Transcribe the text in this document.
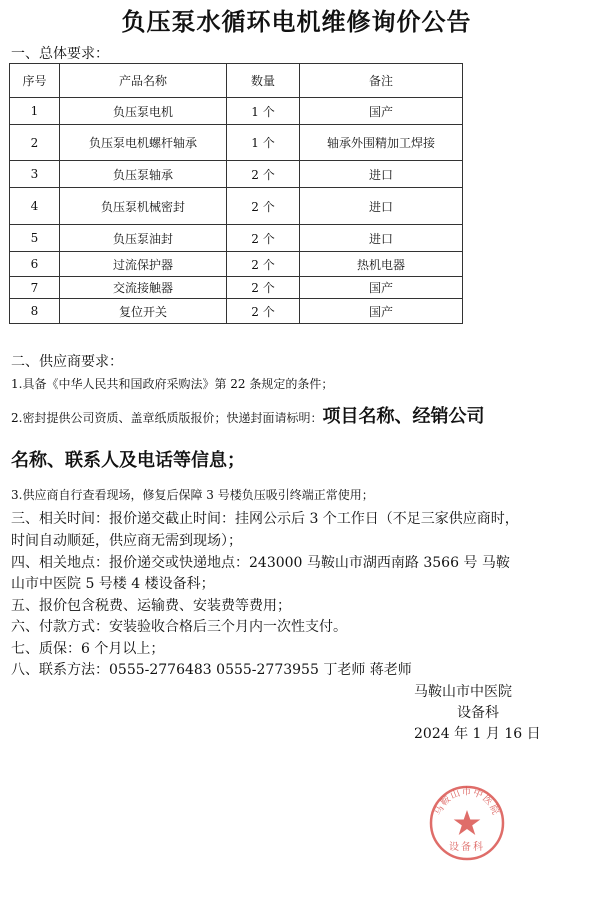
负压泵水循环电机维修询价公告
一、总体要求：
序号	产品名称	数量	备注
1	负压泵电机	1 个	国产
2	负压泵电机螺杆轴承	1 个	轴承外围精加工焊接
3	负压泵轴承	2 个	进口
4	负压泵机械密封	2 个	进口
5	负压泵油封	2 个	进口
6	过流保护器	2 个	热机电器
7	交流接触器	2 个	国产
8	复位开关	2 个	国产
二、供应商要求：
1.具备《中华人民共和国政府采购法》第 22 条规定的条件；
2.密封提供公司资质、盖章纸质版报价；快递封面请标明：项目名称、经销公司
名称、联系人及电话等信息；
3.供应商自行查看现场，修复后保障 3 号楼负压吸引终端正常使用；
三、相关时间：报价递交截止时间：挂网公示后 3 个工作日（不足三家供应商时，
时间自动顺延，供应商无需到现场）；
四、相关地点：报价递交或快递地点：243000 马鞍山市湖西南路 3566 号 马鞍
山市中医院 5 号楼 4 楼设备科；
五、报价包含税费、运输费、安装费等费用；
六、付款方式：安装验收合格后三个月内一次性支付。
七、质保：6 个月以上；
八、联系方法：0555-2776483 0555-2773955 丁老师 蒋老师
马鞍山市中医院
设备科
2024 年 1 月 16 日
马鞍山市中医院
设备科
